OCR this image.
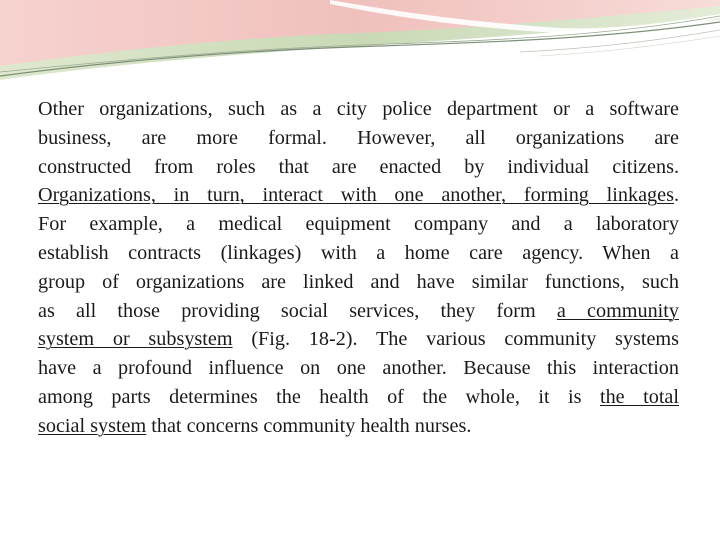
Other organizations, such as a city police department or a software
business, are more formal. However, all organizations are
constructed from roles that are enacted by individual citizens.
Organizations, in turn, interact with one another, forming linkages.
For example, a medical equipment company and a laboratory
establish contracts (linkages) with a home care agency. When a
group of organizations are linked and have similar functions, such
as all those providing social services, they form a community
system or subsystem (Fig. 18-2). The various community systems
have a profound influence on one another. Because this interaction
among parts determines the health of the whole, it is the total
social system that concerns community health nurses.
